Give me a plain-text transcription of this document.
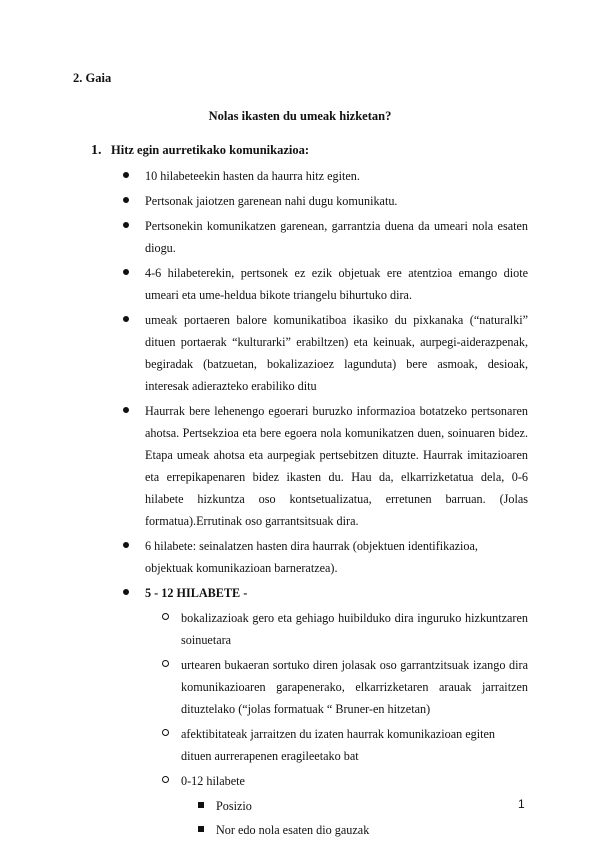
2. Gaia
Nolas ikasten du umeak hizketan?
1. Hitz egin aurretikako komunikazioa:
10 hilabeteekin hasten da haurra hitz egiten.
Pertsonak jaiotzen garenean nahi dugu komunikatu.
Pertsonekin komunikatzen garenean, garrantzia duena da umeari nola esaten diogu.
4-6 hilabeterekin, pertsonek ez ezik objetuak ere atentzioa emango diote umeari eta ume-heldua bikote triangelu bihurtuko dira.
umeak portaeren balore komunikatiboa ikasiko du pixkanaka (“naturalki” dituen portaerak “kulturarki” erabiltzen) eta keinuak, aurpegi-aiderazpenak, begiradak (batzuetan, bokalizazioez lagunduta) bere asmoak, desioak, interesak adierazteko erabiliko ditu
Haurrak bere lehenengo egoerari buruzko informazioa botatzeko pertsonaren ahotsa. Pertsekzioa eta bere egoera nola komunikatzen duen, soinuaren bidez. Etapa umeak ahotsa eta aurpegiak pertsebitzen dituzte. Haurrak imitazioaren eta errepikapenaren bidez ikasten du. Hau da, elkarrizketatua dela, 0-6 hilabete hizkuntza oso kontsetualizatua, erretunen barruan. (Jolas formatua).Errutinak oso garrantsitsuak dira.
6 hilabete: seinalatzen hasten dira haurrak (objektuen identifikazioa, objektuak komunikazioan barneratzea).
5 - 12 HILABETE -
bokalizazioak gero eta gehiago huibilduko dira inguruko hizkuntzaren soinuetara
urtearen bukaeran sortuko diren jolasak oso garrantzitsuak izango dira komunikazioaren garapenerako, elkarrizketaren arauak jarraitzen dituztelako (“jolas formatuak “ Bruner-en hitzetan)
afektibitateak jarraitzen du izaten haurrak komunikazioan egiten dituen aurrerapenen eragileetako bat
0-12 hilabete
Posizio
Nor edo nola esaten dio gauzak
1
